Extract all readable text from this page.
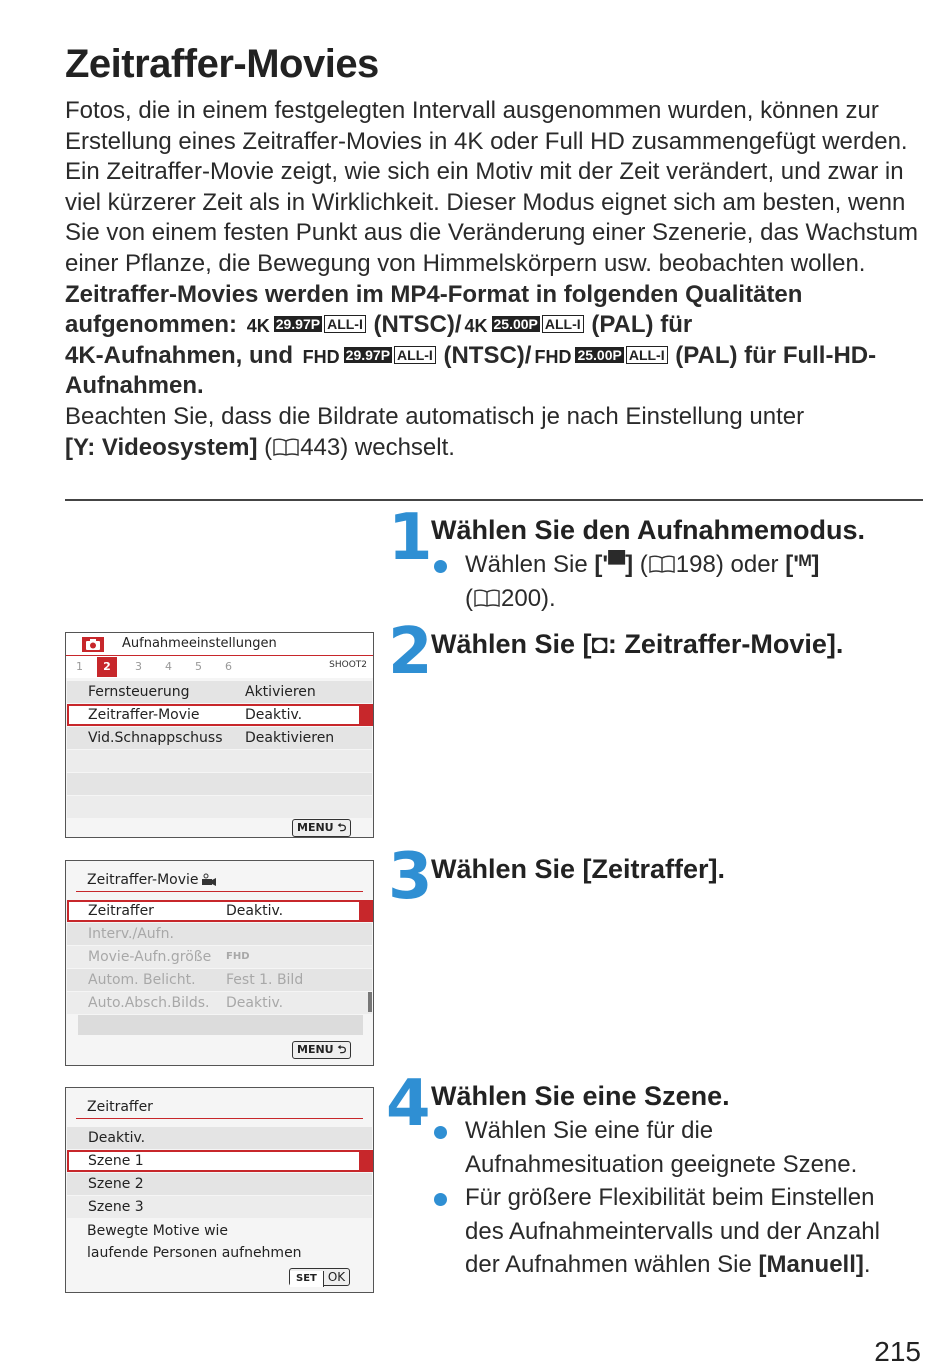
Zeitraffer-Movies

Fotos, die in einem festgelegten Intervall ausgenommen wurden, können zur Erstellung eines Zeitraffer-Movies in 4K oder Full HD zusammengefügt werden. Ein Zeitraffer-Movie zeigt, wie sich ein Motiv mit der Zeit verändert, und zwar in viel kürzerer Zeit als in Wirklichkeit. Dieser Modus eignet sich am besten, wenn Sie von einem festen Punkt aus die Veränderung einer Szenerie, das Wachstum einer Pflanze, die Bewegung von Himmelskörpern usw. beobachten wollen.

Zeitraffer-Movies werden im MP4-Format in folgenden Qualitäten aufgenommen: 4K 29.97P ALL-I (NTSC)/ 4K 25.00P ALL-I (PAL) für
4K-Aufnahmen, und FHD 29.97P ALL-I (NTSC)/ FHD 25.00P ALL-I (PAL) für Full-HD-Aufnahmen.

Beachten Sie, dass die Bildrate automatisch je nach Einstellung unter
[Y: Videosystem] ( 443) wechselt.

1 Wählen Sie den Aufnahmemodus.
Wählen Sie ['▀] ( 198) oder ['ᴹ]
( 200).
2 Wählen Sie [◘: Zeitraffer-Movie].
Aufnahmeeinstellungen
1	2	3 4 5 6	SHOOT2
Fernsteuerung	Aktivieren
Zeitraffer-Movie	Deaktiv.
Vid.Schnappschuss Deaktivieren
MENU ⮌
3 Wählen Sie [Zeitraffer].
Zeitraffer-Movie
Zeitraffer	Deaktiv.
Interv./Aufn.
Movie-Aufn.größe FHD
Autom. Belicht. Fest 1. Bild
Auto.Absch.Bilds. Deaktiv.
MENU ⮌
4 Wählen Sie eine Szene.
Wählen Sie eine für die Aufnahmesituation geeignete Szene.
Für größere Flexibilität beim Einstellen des Aufnahmeintervalls und der Anzahl der Aufnahmen wählen Sie [Manuell].
Zeitraffer
Deaktiv.
Szene 1
Szene 2
Szene 3
Bewegte Motive wie
laufende Personen aufnehmen
SET OK
215
